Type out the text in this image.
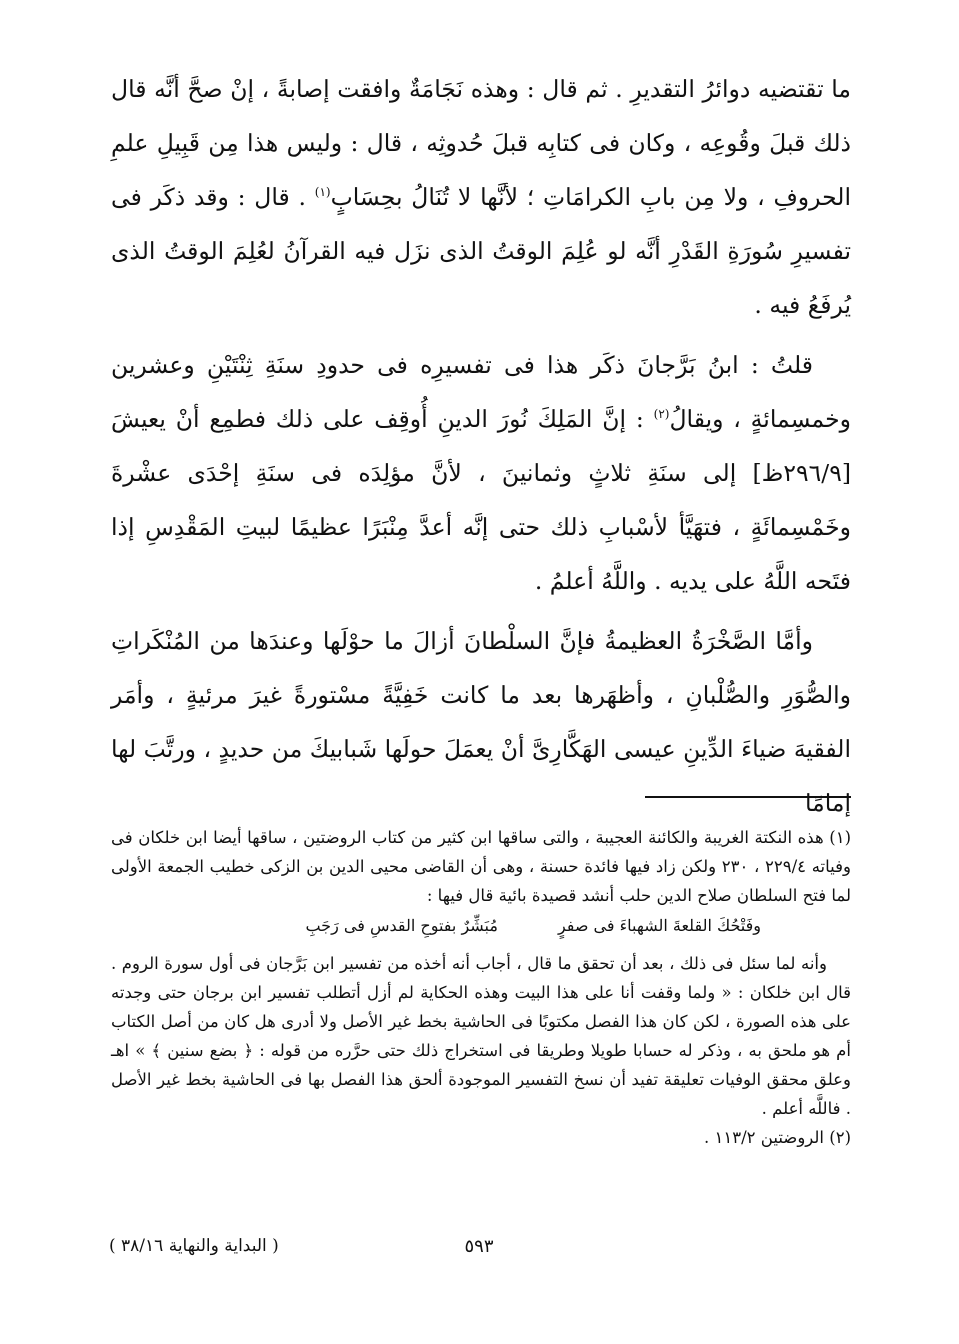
ما تقتضيه دوائرُ التقديرِ . ثم قال : وهذه نَجَامَةٌ وافقت إصابةً ، إنْ صحَّ أنَّه قال ذلك قبلَ وقُوعِه ، وكان فى كتابِه قبلَ حُدوثِه ، قال : وليس هذا مِن قَبِيلِ علمِ الحروفِ ، ولا مِن بابِ الكرامَاتِ ؛ لأنَّها لا تُنَالُ بحِسَابٍ$^{(١)}$ . قال : وقد ذكَر فى تفسيرِ سُورَةِ القَدْرِ أنَّه لو عُلِمَ الوقتُ الذى نزَل فيه القرآنُ لعُلِمَ الوقتُ الذى يُرفَعُ فيه .

قلتُ : ابنُ بَرَّجانَ ذكَر هذا فى تفسيرِه فى حدودِ سنَةِ ثِنْتَيْنِ وعشرين وخمسِمائةٍ ، ويقالُ$^{(٢)}$ : إنَّ المَلِكَ نُورَ الدينِ أُوقِف على ذلك فطمِع أنْ يعيشَ [٢٩٦/٩ظ] إلى سنَةِ ثلاثٍ وثمانينَ ، لأنَّ مؤلِدَه فى سنَةِ إحْدَى عشْرةَ وخَمْسِمائَةٍ ، فتهَيَّأ لأسْبابِ ذلك حتى إنَّه أعدَّ مِنْبَرًا عظيمًا لبيتِ المَقْدِسِ إذا فتَحه اللَّهُ على يديه . واللَّهُ أعلمُ .

وأمَّا الصَّخْرَةُ العظيمةُ فإنَّ السلْطانَ أزالَ ما حوْلَها وعندَها من المُنْكَراتِ والصُّوَرِ والصُّلْبانِ ، وأظهَرها بعد ما كانت خَفِيَّةً مسْتورةً غيرَ مرئيةٍ ، وأمَر الفقيهَ ضياءَ الدِّينِ عيسى الهَكَّارِىَّ أنْ يعمَلَ حولَها شَبابيكَ من حديدٍ ، ورتَّبَ لها إمامًا

(١) هذه النكتة الغريبة والكائنة العجيبة ، والتى ساقها ابن كثير من كتاب الروضتين ، ساقها أيضا ابن خلكان فى وفياته ٢٢٩/٤ ، ٢٣٠ ولكن زاد فيها فائدة حسنة ، وهى أن القاضى محيى الدين بن الزكى خطيب الجمعة الأولى لما فتح السلطان صلاح الدين حلب أنشد قصيدة بائية قال فيها :

وفَتْحُكَ القلعةَ الشهباءَ فى صفرٍ
مُبَشِّرٌ بفتوحِ القدسِ فى رَجَبِ

وأنه لما سئل فى ذلك ، بعد أن تحقق ما قال ، أجاب أنه أخذه من تفسير ابن بَرَّجان فى أول سورة الروم . قال ابن خلكان : « ولما وقفت أنا على هذا البيت وهذه الحكاية لم أزل أتطلب تفسير ابن برجان حتى وجدته على هذه الصورة ، لكن كان هذا الفصل مكتوبًا فى الحاشية بخط غير الأصل ولا أدرى هل كان من أصل الكتاب أم هو ملحق به ، وذكر له حسابا طويلا وطريقا فى استخراج ذلك حتى حرَّره من قوله : ﴿ بضع سنين ﴾ » اهـ وعلق محقق الوفيات تعليقة تفيد أن نسخ التفسير الموجودة ألحق هذا الفصل بها فى الحاشية بخط غير الأصل . فاللَّه أعلم .

(٢) الروضتين ١١٣/٢ .

٥٩٣
( البداية والنهاية ٣٨/١٦ )
